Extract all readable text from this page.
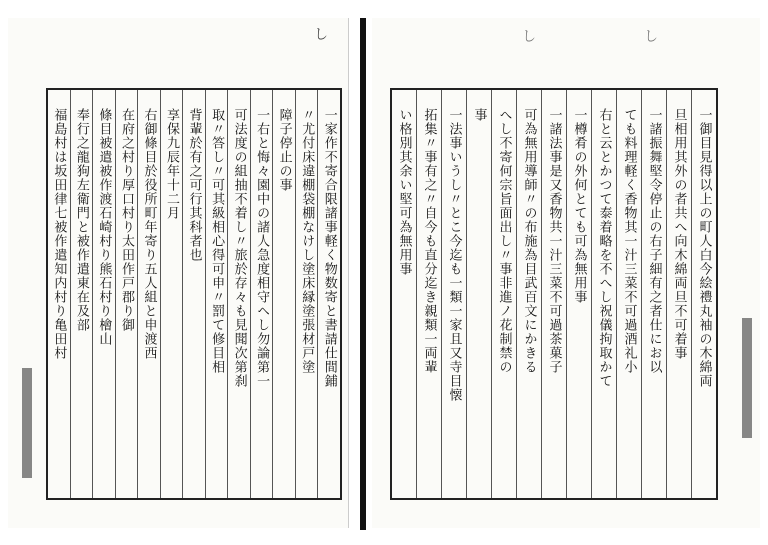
し
一家作不寄合限諸事軽く物数寄と書請仕間鋪
〃尤付床違棚袋棚なけし塗床縁塗張材戸塗
障子停止の事
一右と悔々園中の諸人急度相守ヘし勿論第一
可法度の組抽不着し〃旅於存々も見聞次第刹
取〃答し〃可其級相心得可申〃罰て修目相
背輩於有之可行其科者也
享保九辰年十二月
右御條目於役所町年寄り五人組と申渡西
在府之村り厚口村り太田作戸郡り御
條目被遣被作渡石崎村り熊石村り檜山
奉行之龍狗左衛門と被作遣東在及部
福島村は坂田律七被作遣知内村り亀田村
し	し
一御目見得以上の町人白今絵禮丸袖の木綿両
旦相用其外の者共へ向木綿両旦不可着事
一諸振舞堅令停止の右子細有之者仕にお以
ても料理軽く香物其一汁三菜不可過酒礼小
右と云とかつて泰着略を不へし祝儀拘取かて
一樽肴の外何とても可為無用事
一諸法事是又香物共一汁三菜不可過茶菓子
可為無用導師〃の布施為目武百文にかきる
へし不寄何宗旨面出し〃事非進ノ花制禁の
事
一法事いうし〃とこ今迄も一類一家且又寺目懐
拓集〃事有之〃自今も直分迄き親類一両輩
い格別其余い堅可為無用事
